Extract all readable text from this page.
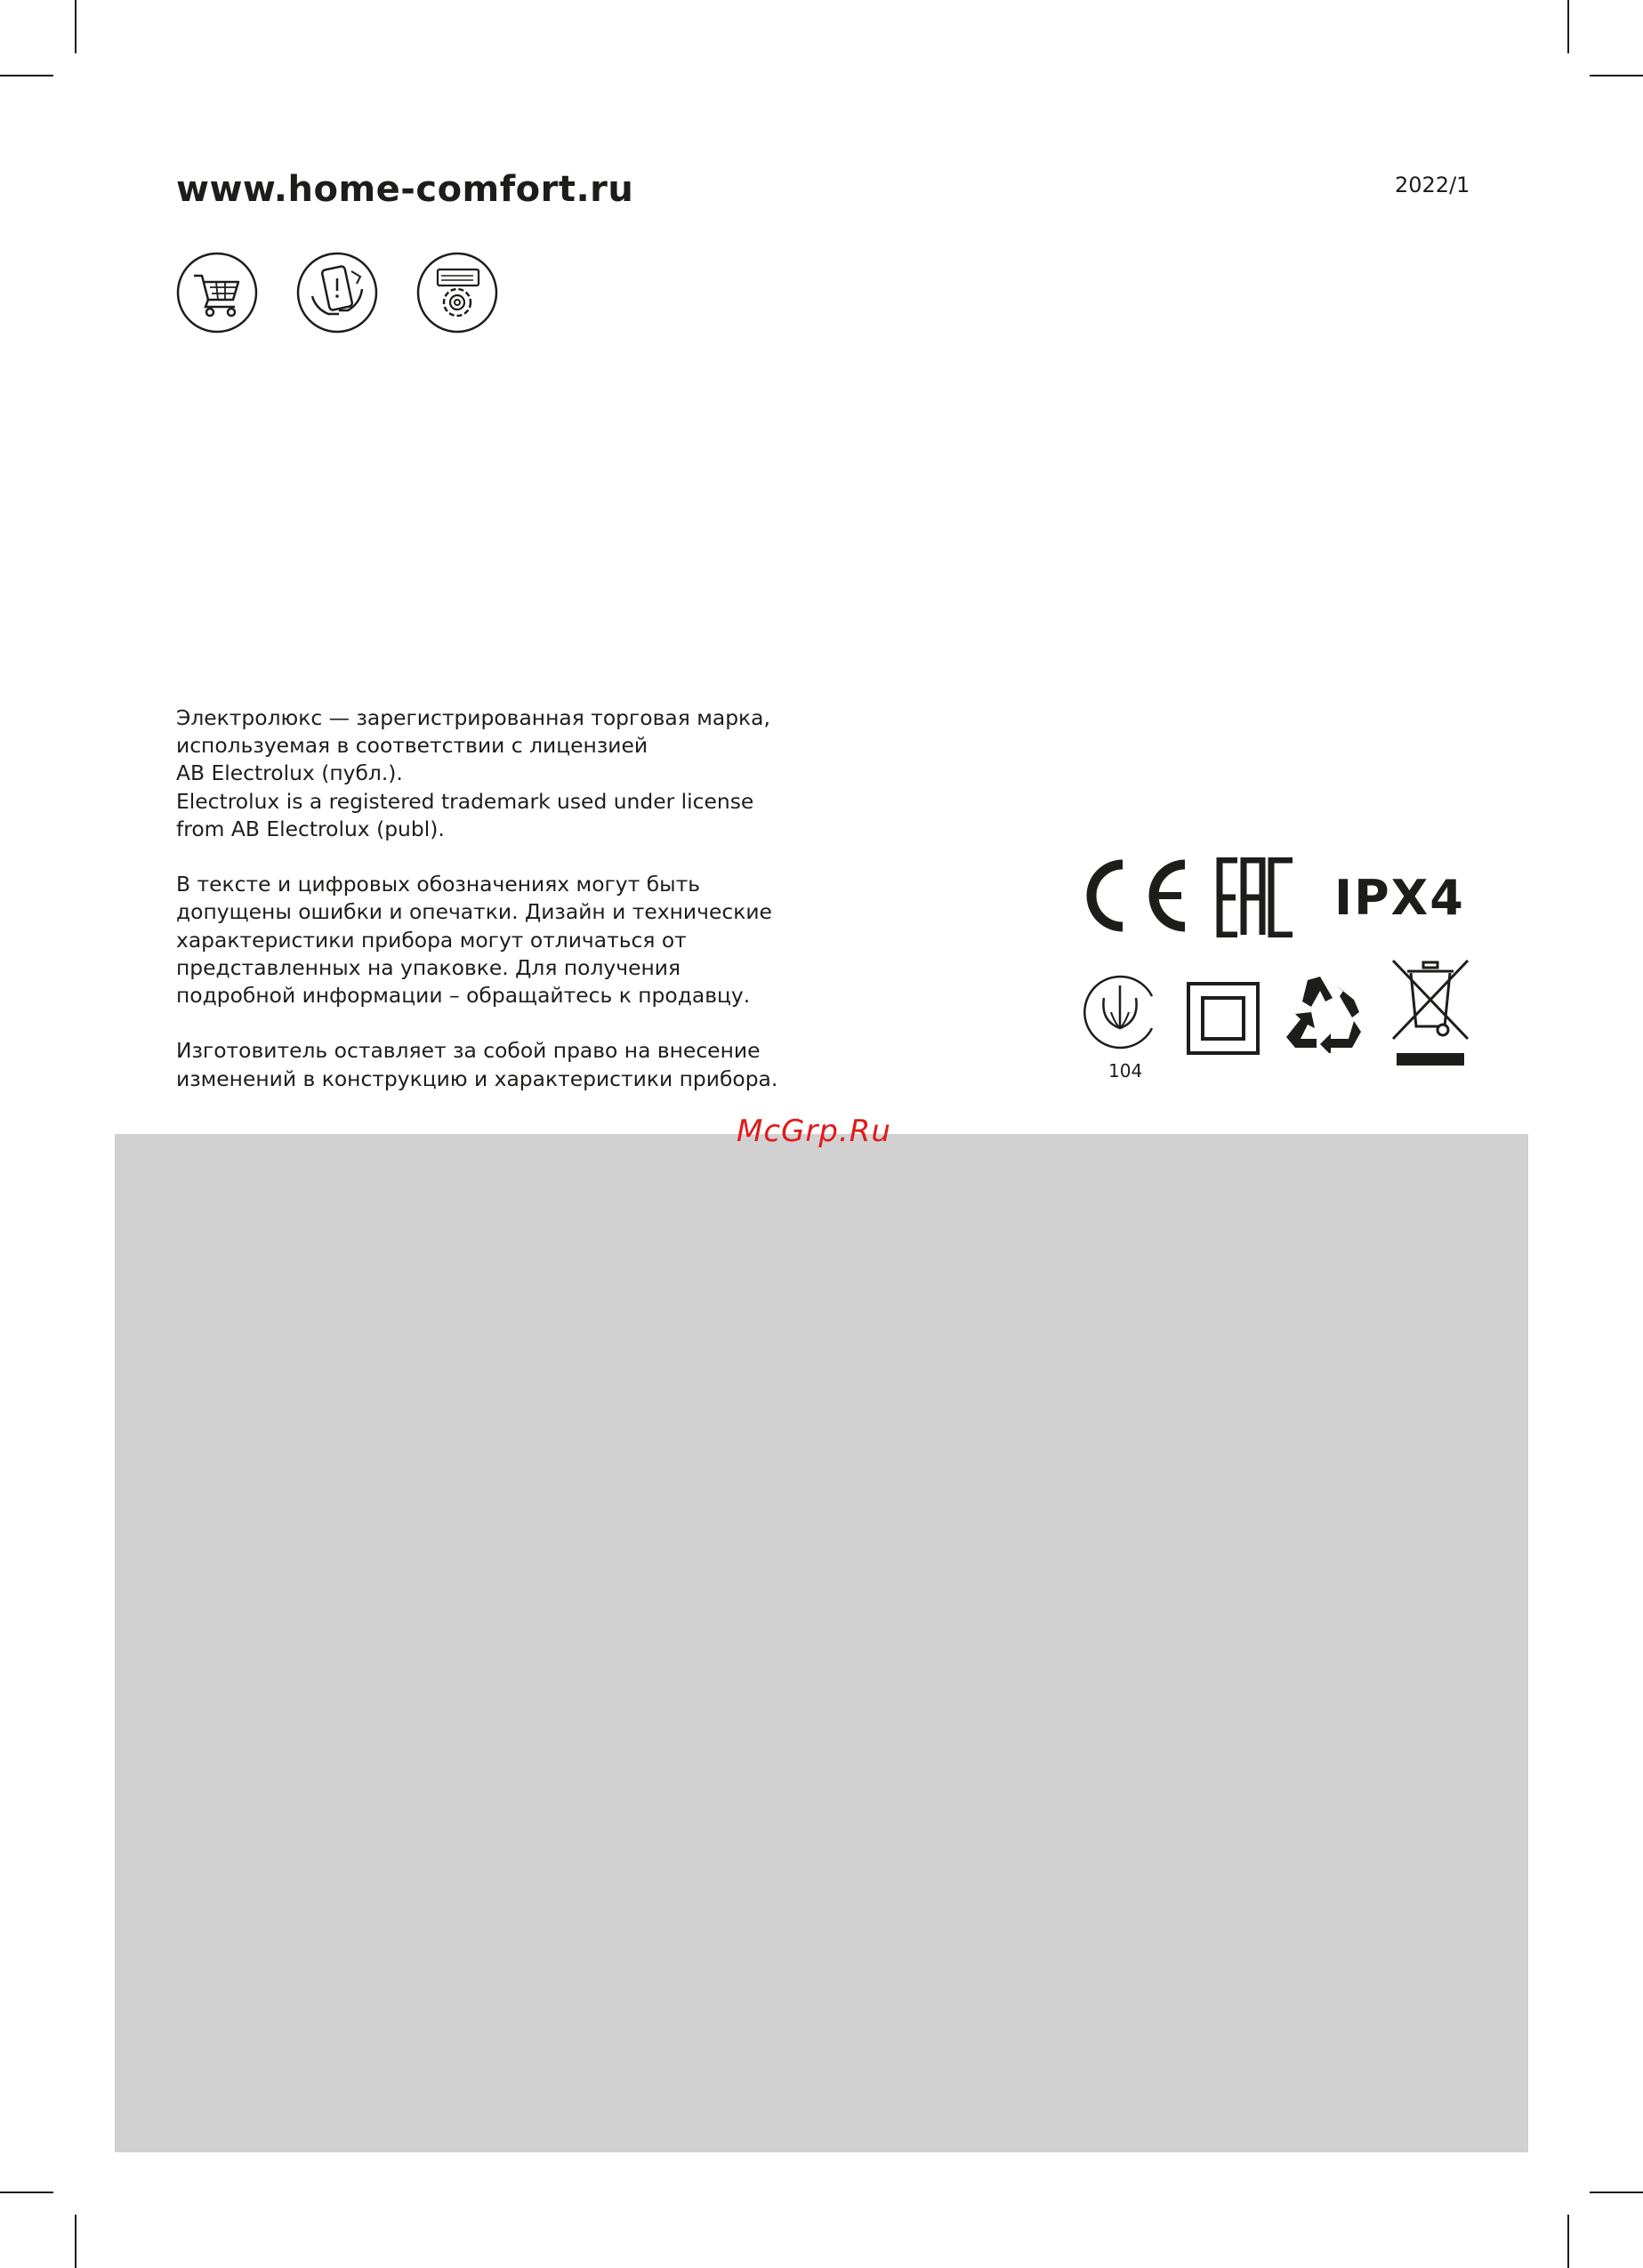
www.home-comfort.ru	2022/1

Электролюкс — зарегистрированная торговая марка,
используемая в соответствии с лицензией
AB Electrolux (публ.).
Electrolux is a registered trademark used under license
from AB Electrolux (publ).

В тексте и цифровых обозначениях могут быть
допущены ошибки и опечатки. Дизайн и технические
характеристики прибора могут отличаться от
представленных на упаковке. Для получения
подробной информации – обращайтесь к продавцу.

Изготовитель оставляет за собой право на внесение
изменений в конструкцию и характеристики прибора.

IPX4
104
McGrp.Ru
